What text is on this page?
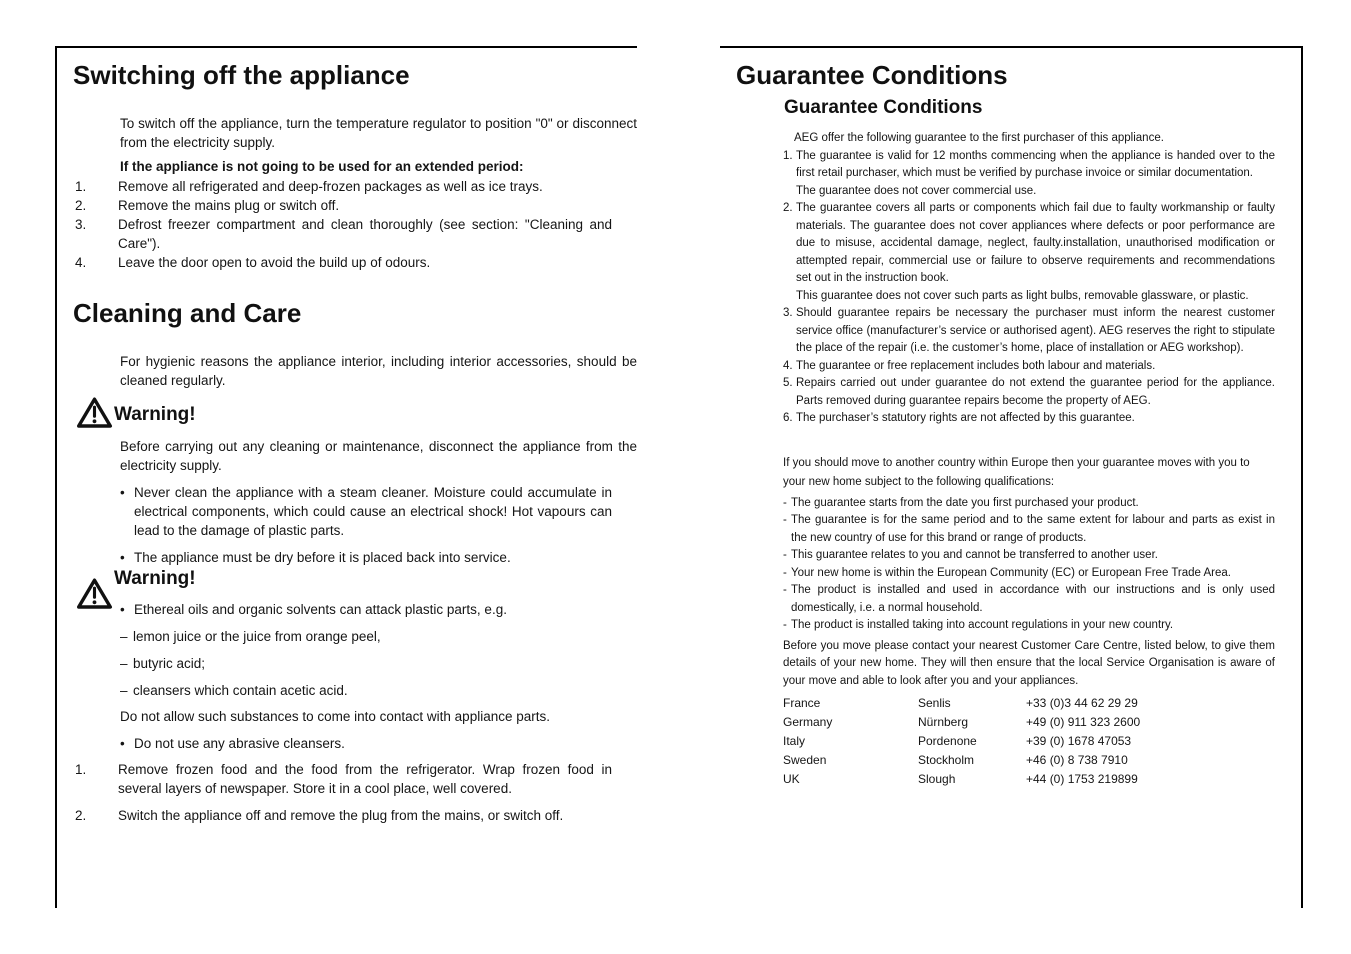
Switching off the appliance

To switch off the appliance, turn the temperature regulator to position "0" or disconnect from the electricity supply.

If the appliance is not going to be used for an extended period:

1.	Remove all refrigerated and deep-frozen packages as well as ice trays.
2.	Remove the mains plug or switch off.
3.	Defrost freezer compartment and clean thoroughly (see section: "Cleaning and Care").
4.	Leave the door open to avoid the build up of odours.
Cleaning and Care

For hygienic reasons the appliance interior, including interior accessories, should be cleaned regularly.

Warning!

Before carrying out any cleaning or maintenance, disconnect the appliance from the electricity supply.

• Never clean the appliance with a steam cleaner. Moisture could accumulate in electrical components, which could cause an electrical shock! Hot vapours can lead to the damage of plastic parts.
• The appliance must be dry before it is placed back into service.
Warning!
• Ethereal oils and organic solvents can attack plastic parts, e.g.
– lemon juice or the juice from orange peel,
– butyric acid;
– cleansers which contain acetic acid.

Do not allow such substances to come into contact with appliance parts.

• Do not use any abrasive cleansers.
1.	Remove frozen food and the food from the refrigerator. Wrap frozen food in several layers of newspaper. Store it in a cool place, well covered.
2.	Switch the appliance off and remove the plug from the mains, or switch off.
Guarantee Conditions
Guarantee Conditions

AEG offer the following guarantee to the first purchaser of this appliance.

1. The guarantee is valid for 12 months commencing when the appliance is handed over to the first retail purchaser, which must be verified by purchase invoice or similar documentation.
The guarantee does not cover commercial use.
2. The guarantee covers all parts or components which fail due to faulty workmanship or faulty materials. The guarantee does not cover appliances where defects or poor performance are due to misuse, accidental damage, neglect, faulty.installation, unauthorised modification or attempted repair, commercial use or failure to observe requirements and recommendations set out in the instruction book.
This guarantee does not cover such parts as light bulbs, removable glassware, or plastic.
3. Should guarantee repairs be necessary the purchaser must inform the nearest customer service office (manufacturer’s service or authorised agent). AEG reserves the right to stipulate the place of the repair (i.e. the customer’s home, place of installation or AEG workshop).
4. The guarantee or free replacement includes both labour and materials.
5. Repairs carried out under guarantee do not extend the guarantee period for the appliance. Parts removed during guarantee repairs become the property of AEG.
6. The purchaser’s statutory rights are not affected by this guarantee.

If you should move to another country within Europe then your guarantee moves with you to your new home subject to the following qualifications:

- The guarantee starts from the date you first purchased your product.
- The guarantee is for the same period and to the same extent for labour and parts as exist in the new country of use for this brand or range of products.
- This guarantee relates to you and cannot be transferred to another user.
- Your new home is within the European Community (EC) or European Free Trade Area.
- The product is installed and used in accordance with our instructions and is only used domestically, i.e. a normal household.
- The product is installed taking into account regulations in your new country.

Before you move please contact your nearest Customer Care Centre, listed below, to give them details of your new home. They will then ensure that the local Service Organisation is aware of your move and able to look after you and your appliances.

France	Senlis	+33 (0)3 44 62 29 29
Germany	Nürnberg	+49 (0) 911 323 2600
Italy	Pordenone	+39 (0) 1678 47053
Sweden	Stockholm	+46 (0) 8 738 7910
UK	Slough	+44 (0) 1753 219899
